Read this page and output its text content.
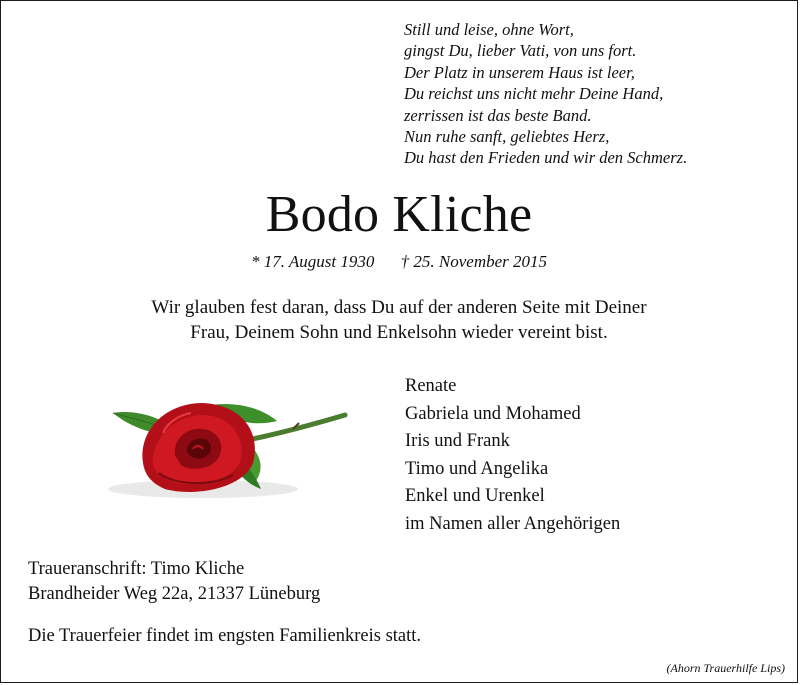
Still und leise, ohne Wort,
gingst Du, lieber Vati, von uns fort.
Der Platz in unserem Haus ist leer,
Du reichst uns nicht mehr Deine Hand,
zerrissen ist das beste Band.
Nun ruhe sanft, geliebtes Herz,
Du hast den Frieden und wir den Schmerz.
Bodo Kliche
* 17. August 1930 † 25. November 2015
Wir glauben fest daran, dass Du auf der anderen Seite mit Deiner
Frau, Deinem Sohn und Enkelsohn wieder vereint bist.
Renate
Gabriela und Mohamed
Iris und Frank
Timo und Angelika
Enkel und Urenkel
im Namen aller Angehörigen
Traueranschrift: Timo Kliche
Brandheider Weg 22a, 21337 Lüneburg
Die Trauerfeier findet im engsten Familienkreis statt.
(Ahorn Trauerhilfe Lips)
